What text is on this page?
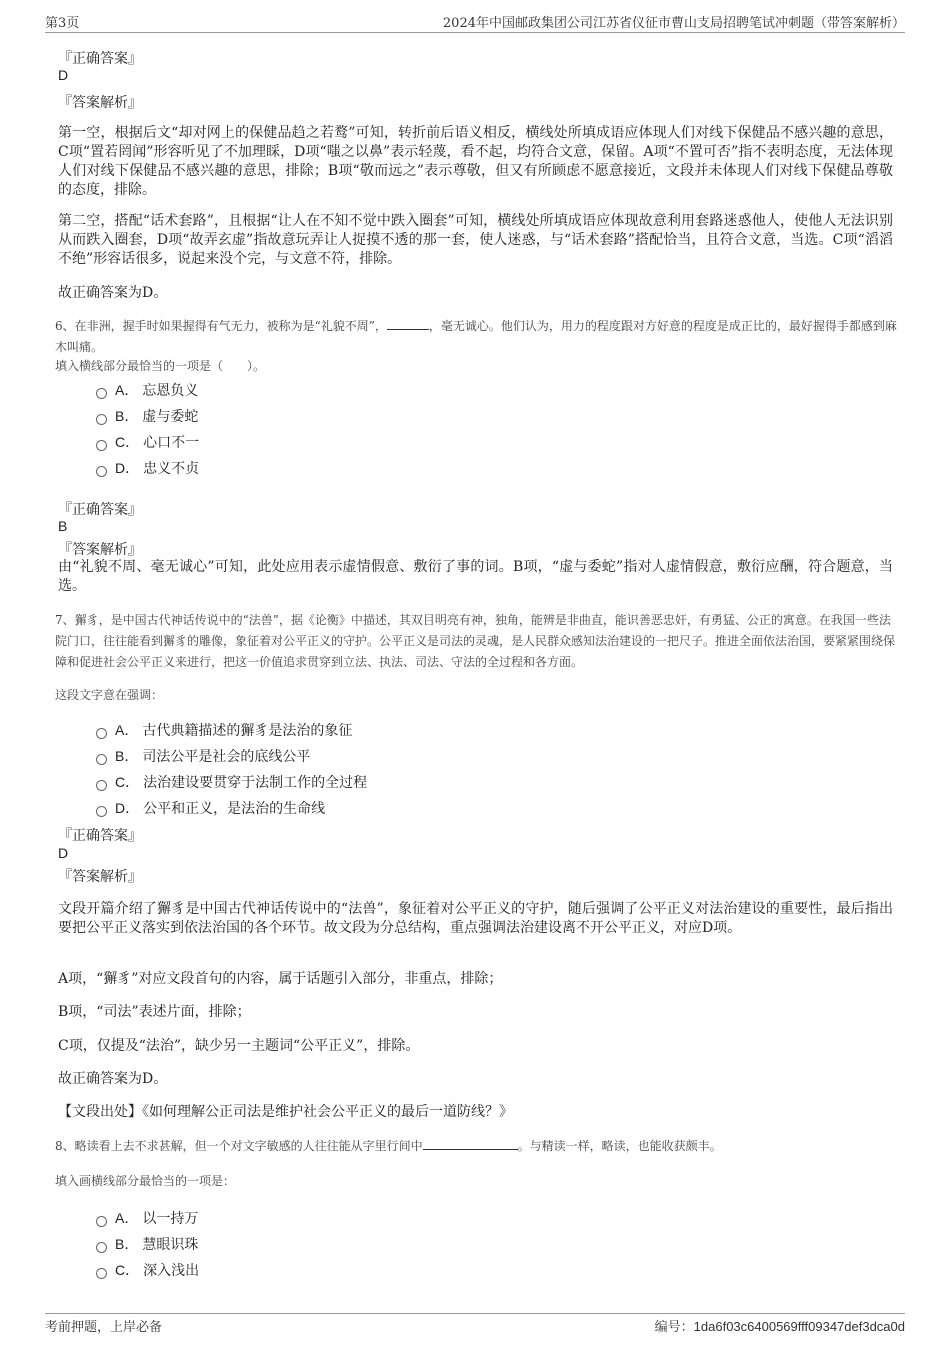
第3页	2024年中国邮政集团公司江苏省仪征市曹山支局招聘笔试冲刺题（带答案解析）
『正确答案』
D
『答案解析』
第一空，根据后文“却对网上的保健品趋之若鹜”可知，转折前后语义相反，横线处所填成语应体现人们对线下保健品不感兴趣的意思，C项“置若罔闻”形容听见了不加理睬，D项“嗤之以鼻”表示轻蔑，看不起，均符合文意，保留。A项“不置可否”指不表明态度，无法体现人们对线下保健品不感兴趣的意思，排除；B项“敬而远之”表示尊敬，但又有所顾虑不愿意接近，文段并未体现人们对线下保健品尊敬的态度，排除。
第二空，搭配“话术套路”，且根据“让人在不知不觉中跌入圈套”可知，横线处所填成语应体现故意利用套路迷惑他人，使他人无法识别从而跌入圈套，D项“故弄玄虚”指故意玩弄让人捉摸不透的那一套，使人迷惑，与“话术套路”搭配恰当，且符合文意，当选。C项“滔滔不绝”形容话很多，说起来没个完，与文意不符，排除。
故正确答案为D。
6、在非洲，握手时如果握得有气无力，被称为是“礼貌不周”，	，毫无诚心。他们认为，用力的程度跟对方好意的程度是成正比的，最好握得手都感到麻木叫痛。
填入横线部分最恰当的一项是（　　）。
A． 忘恩负义
B． 虚与委蛇
C． 心口不一
D． 忠义不贞
『正确答案』
B
『答案解析』
由“礼貌不周、毫无诚心”可知，此处应用表示虚情假意、敷衍了事的词。B项，“虚与委蛇”指对人虚情假意，敷衍应酬，符合题意，当选。
7、獬豸，是中国古代神话传说中的“法兽”，据《论衡》中描述，其双目明亮有神，独角，能辨是非曲直，能识善恶忠奸，有勇猛、公正的寓意。在我国一些法院门口，往往能看到獬豸的雕像，象征着对公平正义的守护。公平正义是司法的灵魂，是人民群众感知法治建设的一把尺子。推进全面依法治国，要紧紧围绕保障和促进社会公平正义来进行，把这一价值追求贯穿到立法、执法、司法、守法的全过程和各方面。
这段文字意在强调：
A． 古代典籍描述的獬豸是法治的象征
B． 司法公平是社会的底线公平
C． 法治建设要贯穿于法制工作的全过程
D． 公平和正义，是法治的生命线
『正确答案』
D
『答案解析』
文段开篇介绍了獬豸是中国古代神话传说中的“法兽”，象征着对公平正义的守护，随后强调了公平正义对法治建设的重要性，最后指出要把公平正义落实到依法治国的各个环节。故文段为分总结构，重点强调法治建设离不开公平正义，对应D项。
A项，“獬豸”对应文段首句的内容，属于话题引入部分，非重点，排除；
B项，“司法”表述片面，排除；
C项，仅提及“法治”，缺少另一主题词“公平正义”，排除。
故正确答案为D。
【文段出处】《如何理解公正司法是维护社会公平正义的最后一道防线？》
8、略读看上去不求甚解，但一个对文字敏感的人往往能从字里行间中	。与精读一样，略读，也能收获颇丰。
填入画横线部分最恰当的一项是：
A． 以一持万
B． 慧眼识珠
C． 深入浅出
考前押题，上岸必备	编号：1da6f03c6400569fff09347def3dca0d
